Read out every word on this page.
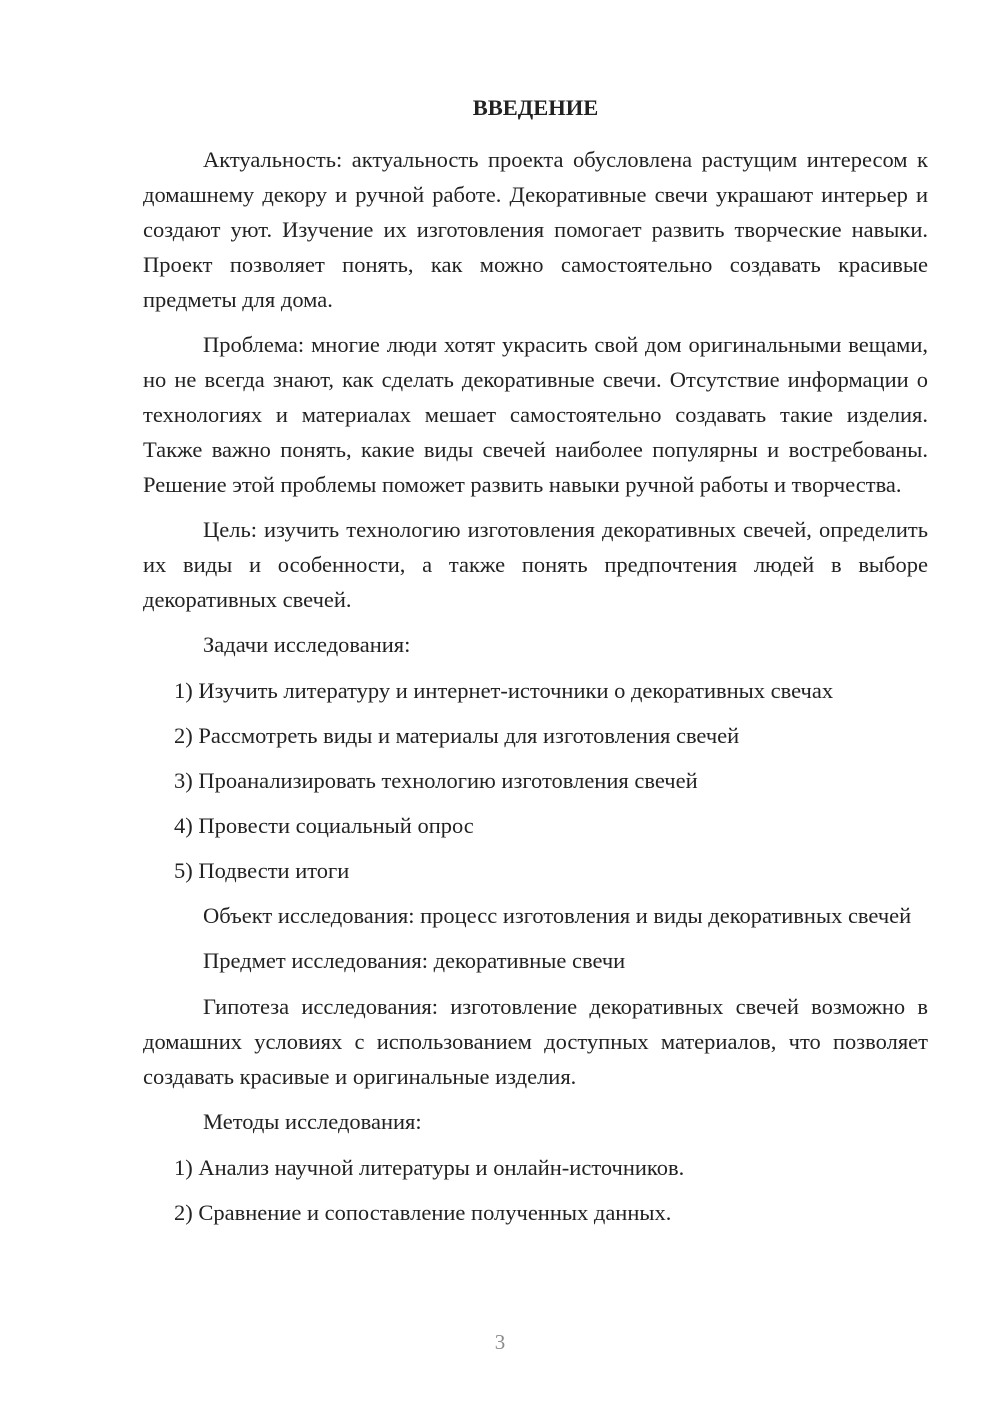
ВВЕДЕНИЕ

Актуальность: актуальность проекта обусловлена растущим интересом к домашнему декору и ручной работе. Декоративные свечи украшают интерьер и создают уют. Изучение их изготовления помогает развить творческие навыки. Проект позволяет понять, как можно самостоятельно создавать красивые предметы для дома.

Проблема: многие люди хотят украсить свой дом оригинальными вещами, но не всегда знают, как сделать декоративные свечи. Отсутствие информации о технологиях и материалах мешает самостоятельно создавать такие изделия. Также важно понять, какие виды свечей наиболее популярны и востребованы. Решение этой проблемы поможет развить навыки ручной работы и творчества.

Цель: изучить технологию изготовления декоративных свечей, определить их виды и особенности, а также понять предпочтения людей в выборе декоративных свечей.

Задачи исследования:

1) Изучить литературу и интернет-источники о декоративных свечах
2) Рассмотреть виды и материалы для изготовления свечей
3) Проанализировать технологию изготовления свечей
4) Провести социальный опрос
5) Подвести итоги

Объект исследования: процесс изготовления и виды декоративных свечей

Предмет исследования: декоративные свечи

Гипотеза исследования: изготовление декоративных свечей возможно в домашних условиях с использованием доступных материалов, что позволяет создавать красивые и оригинальные изделия.

Методы исследования:

1) Анализ научной литературы и онлайн-источников.
2) Сравнение и сопоставление полученных данных.
3
